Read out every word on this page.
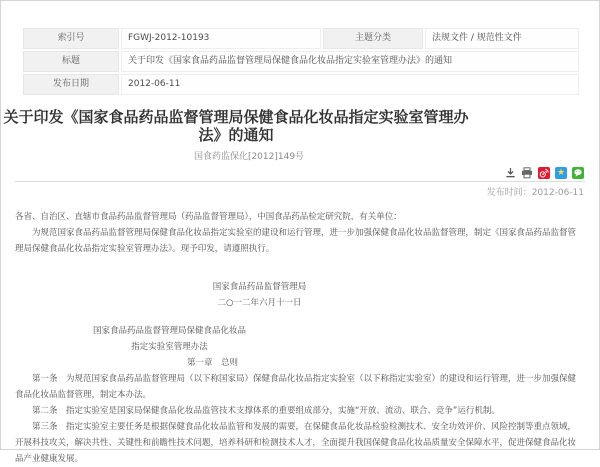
索引号	FGWJ-2012-10193	主题分类	法规文件 / 规范性文件
标题	关于印发《国家食品药品监督管理局保健食品化妆品指定实验室管理办法》的通知		
发布日期	2012-06-11		
关于印发《国家食品药品监督管理局保健食品化妆品指定实验室管理办法》的通知
国食药监保化[2012]149号
★
发布时间：2012-06-11

各省、自治区、直辖市食品药品监督管理局（药品监督管理局），中国食品药品检定研究院，有关单位：

为规范国家食品药品监督管理局保健食品化妆品指定实验室的建设和运行管理，进一步加强保健食品化妆品监督管理，制定《国家食品药品监督管理局保健食品化妆品指定实验室管理办法》。现予印发，请遵照执行。

国家食品药品监督管理局

二○一二年六月十一日

国家食品药品监督管理局保健食品化妆品

指定实验室管理办法

第一章　总则

第一条　为规范国家食品药品监督管理局（以下称国家局）保健食品化妆品指定实验室（以下称指定实验室）的建设和运行管理，进一步加强保健食品化妆品监督管理，制定本办法。

第二条　指定实验室是国家局保健食品化妆品监管技术支撑体系的重要组成部分，实施“开放、流动、联合、竞争”运行机制。

第三条　指定实验室主要任务是根据保健食品化妆品监管和发展的需要，在保健食品化妆品检验检测技术、安全功效评价、风险控制等重点领域，开展科技攻关，解决共性、关键性和前瞻性技术问题，培养科研和检测技术人才，全面提升我国保健食品化妆品质量安全保障水平，促进保健食品化妆品产业健康发展。
